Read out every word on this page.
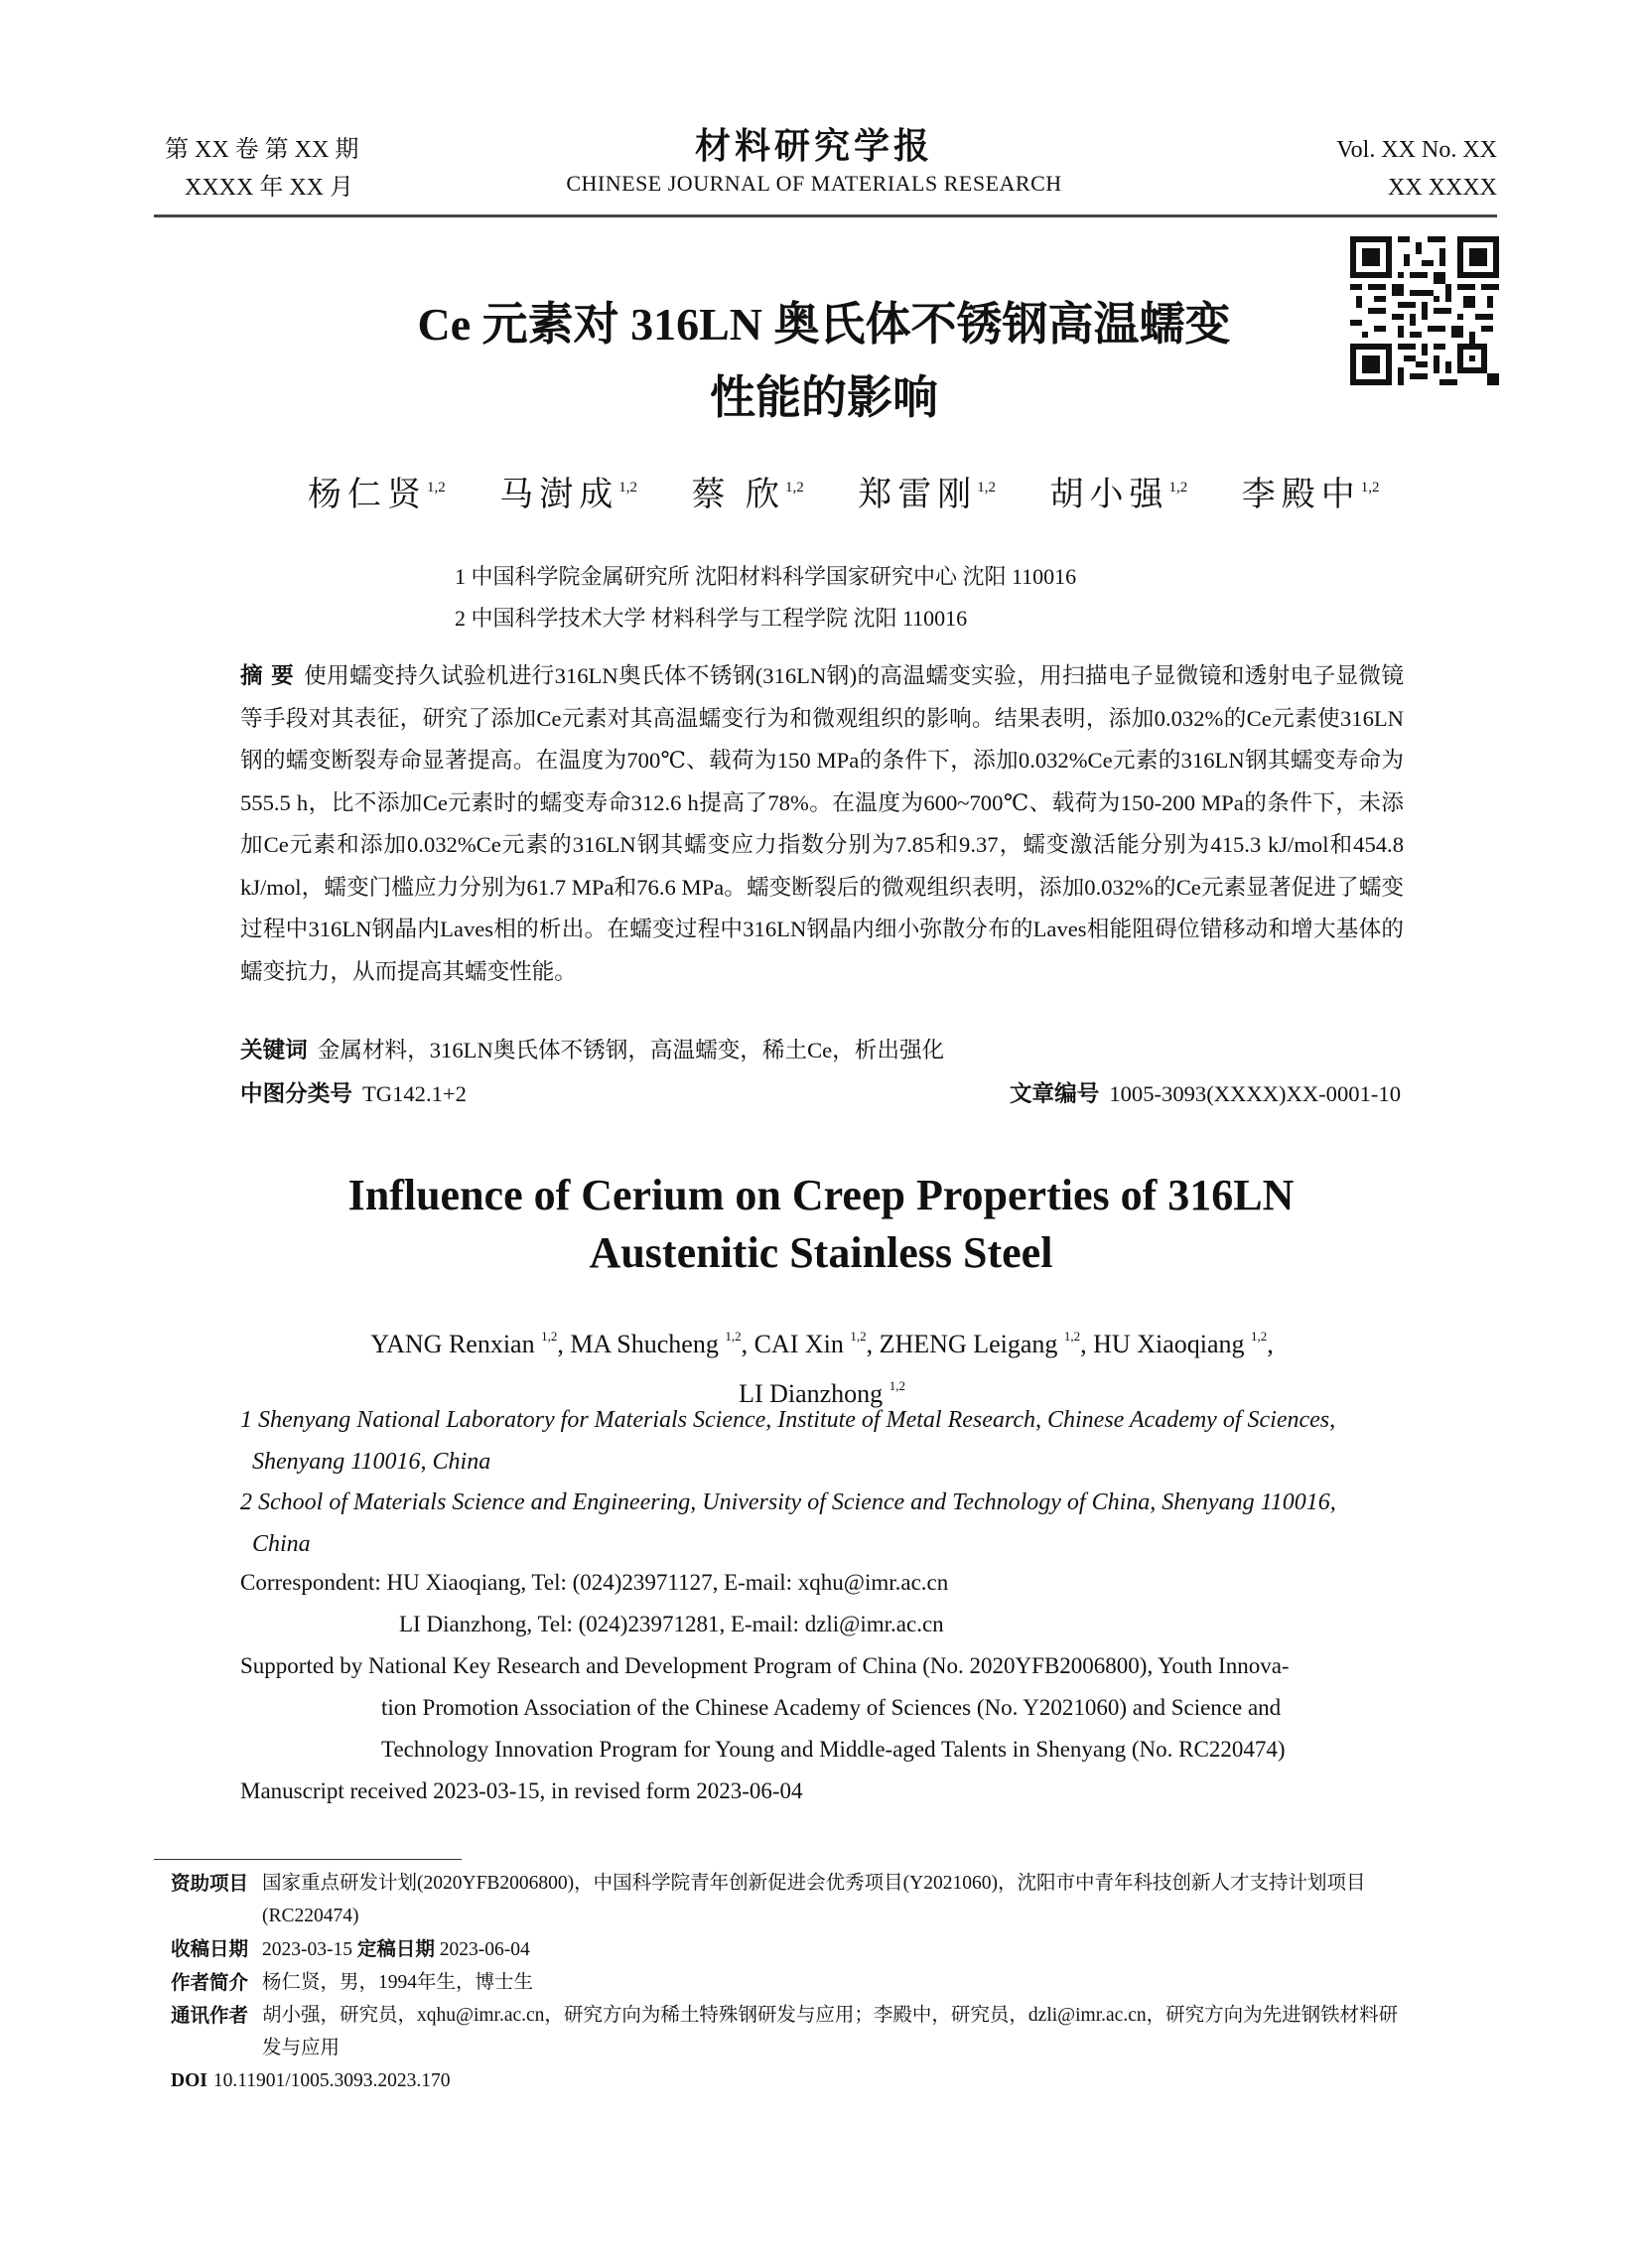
第 XX 卷 第 XX 期
XXXX 年 XX 月
材料研究学报
CHINESE JOURNAL OF MATERIALS RESEARCH
Vol. XX No. XX
XX XXXX
Ce 元素对 316LN 奥氏体不锈钢高温蠕变
性能的影响
杨仁贤$^{1,2}$ 马澍成$^{1,2}$ 蔡 欣$^{1,2}$ 郑雷刚$^{1,2}$ 胡小强$^{1,2}$ 李殿中$^{1,2}$
1 中国科学院金属研究所 沈阳材料科学国家研究中心 沈阳 110016
2 中国科学技术大学 材料科学与工程学院 沈阳 110016
摘 要 使用蠕变持久试验机进行316LN奥氏体不锈钢(316LN钢)的高温蠕变实验，用扫描电子显微镜和透射电子显微镜等手段对其表征，研究了添加Ce元素对其高温蠕变行为和微观组织的影响。结果表明，添加0.032%的Ce元素使316LN钢的蠕变断裂寿命显著提高。在温度为700℃、载荷为150 MPa的条件下，添加0.032%Ce元素的316LN钢其蠕变寿命为555.5 h，比不添加Ce元素时的蠕变寿命312.6 h提高了78%。在温度为600~700℃、载荷为150-200 MPa的条件下，未添加Ce元素和添加0.032%Ce元素的316LN钢其蠕变应力指数分别为7.85和9.37，蠕变激活能分别为415.3 kJ/mol和454.8 kJ/mol，蠕变门槛应力分别为61.7 MPa和76.6 MPa。蠕变断裂后的微观组织表明，添加0.032%的Ce元素显著促进了蠕变过程中316LN钢晶内Laves相的析出。在蠕变过程中316LN钢晶内细小弥散分布的Laves相能阻碍位错移动和增大基体的蠕变抗力，从而提高其蠕变性能。
关键词 金属材料，316LN奥氏体不锈钢，高温蠕变，稀土Ce，析出强化
中图分类号 TG142.1+2	文章编号 1005-3093(XXXX)XX-0001-10
Influence of Cerium on Creep Properties of 316LN
Austenitic Stainless Steel
YANG Renxian $^{1,2}$, MA Shucheng $^{1,2}$, CAI Xin $^{1,2}$, ZHENG Leigang $^{1,2}$, HU Xiaoqiang $^{1,2}$,
LI Dianzhong $^{1,2}$
1 Shenyang National Laboratory for Materials Science, Institute of Metal Research, Chinese Academy of Sciences,
Shenyang 110016, China
2 School of Materials Science and Engineering, University of Science and Technology of China, Shenyang 110016,
China
Correspondent: HU Xiaoqiang, Tel: (024)23971127, E-mail: xqhu@imr.ac.cn
LI Dianzhong, Tel: (024)23971281, E-mail: dzli@imr.ac.cn
Supported by National Key Research and Development Program of China (No. 2020YFB2006800), Youth Innova-
tion Promotion Association of the Chinese Academy of Sciences (No. Y2021060) and Science and
Technology Innovation Program for Young and Middle-aged Talents in Shenyang (No. RC220474)
Manuscript received 2023-03-15, in revised form 2023-06-04
资助项目 国家重点研发计划(2020YFB2006800)，中国科学院青年创新促进会优秀项目(Y2021060)，沈阳市中青年科技创新人才支持计划项目(RC220474)
收稿日期 2023-03-15 定稿日期 2023-06-04
作者简介 杨仁贤，男，1994年生，博士生
通讯作者 胡小强，研究员，xqhu@imr.ac.cn，研究方向为稀土特殊钢研发与应用；李殿中，研究员，dzli@imr.ac.cn，研究方向为先进钢铁材料研发与应用
DOI 10.11901/1005.3093.2023.170
